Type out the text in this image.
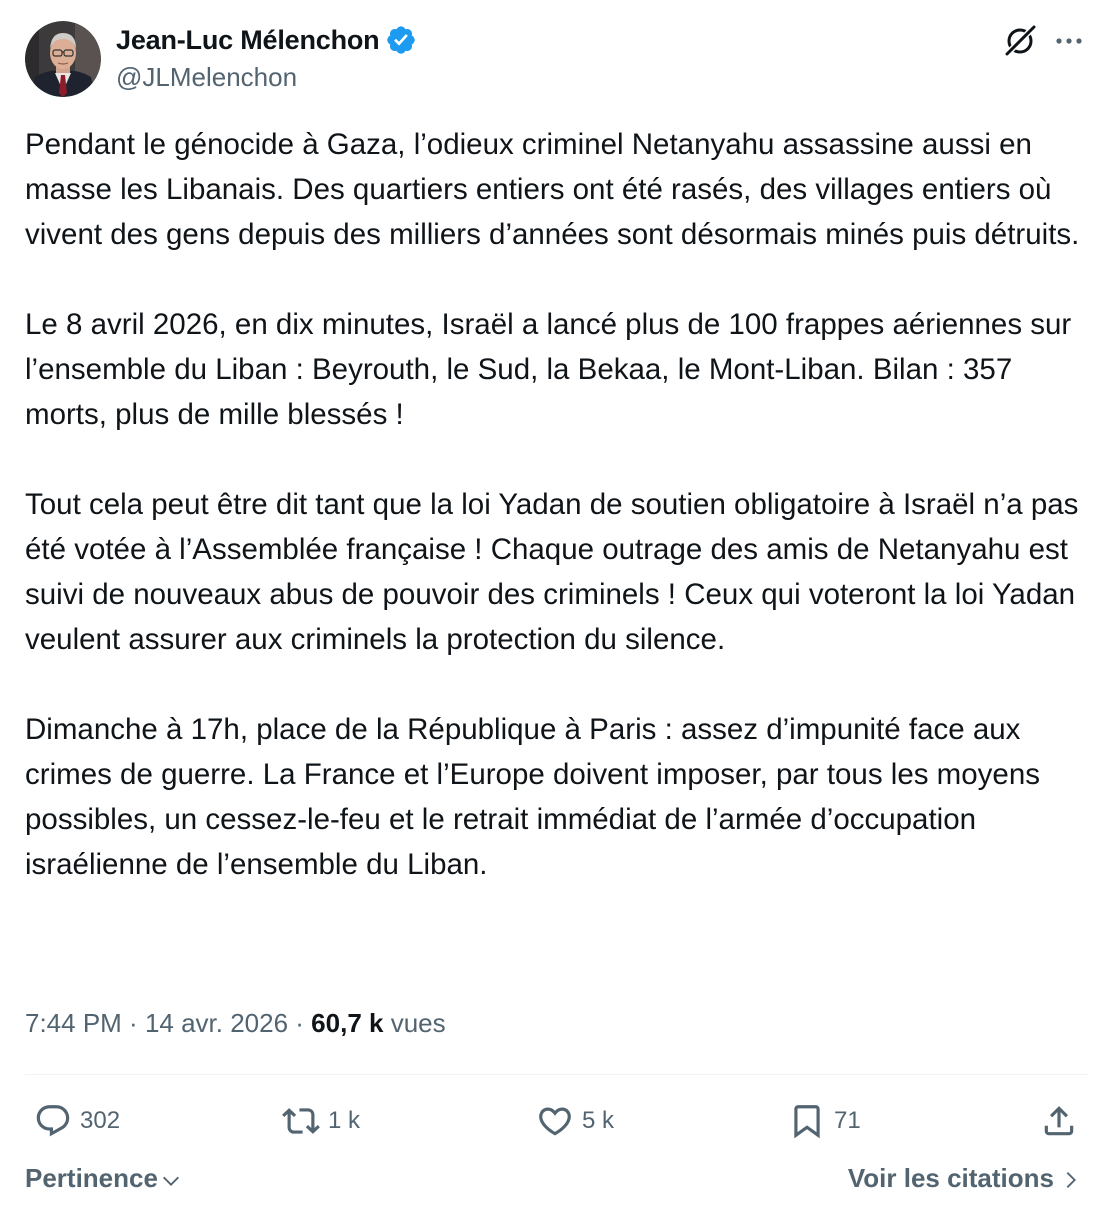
Jean-Luc Mélenchon
@JLMelenchon

Pendant le génocide à Gaza, l’odieux criminel Netanyahu assassine aussi en masse les Libanais. Des quartiers entiers ont été rasés, des villages entiers où vivent des gens depuis des milliers d’années sont désormais minés puis détruits.

Le 8 avril 2026, en dix minutes, Israël a lancé plus de 100 frappes aériennes sur l’ensemble du Liban : Beyrouth, le Sud, la Bekaa, le Mont-Liban. Bilan : 357 morts, plus de mille blessés !

Tout cela peut être dit tant que la loi Yadan de soutien obligatoire à Israël n’a pas été votée à l’Assemblée française ! Chaque outrage des amis de Netanyahu est suivi de nouveaux abus de pouvoir des criminels ! Ceux qui voteront la loi Yadan veulent assurer aux criminels la protection du silence.

Dimanche à 17h, place de la République à Paris : assez d’impunité face aux crimes de guerre. La France et l’Europe doivent imposer, par tous les moyens possibles, un cessez-le-feu et le retrait immédiat de l’armée d’occupation israélienne de l’ensemble du Liban.

7:44 PM · 14 avr. 2026 · 60,7 k vues
302	1 k	5 k	71
Pertinence	Voir les citations
